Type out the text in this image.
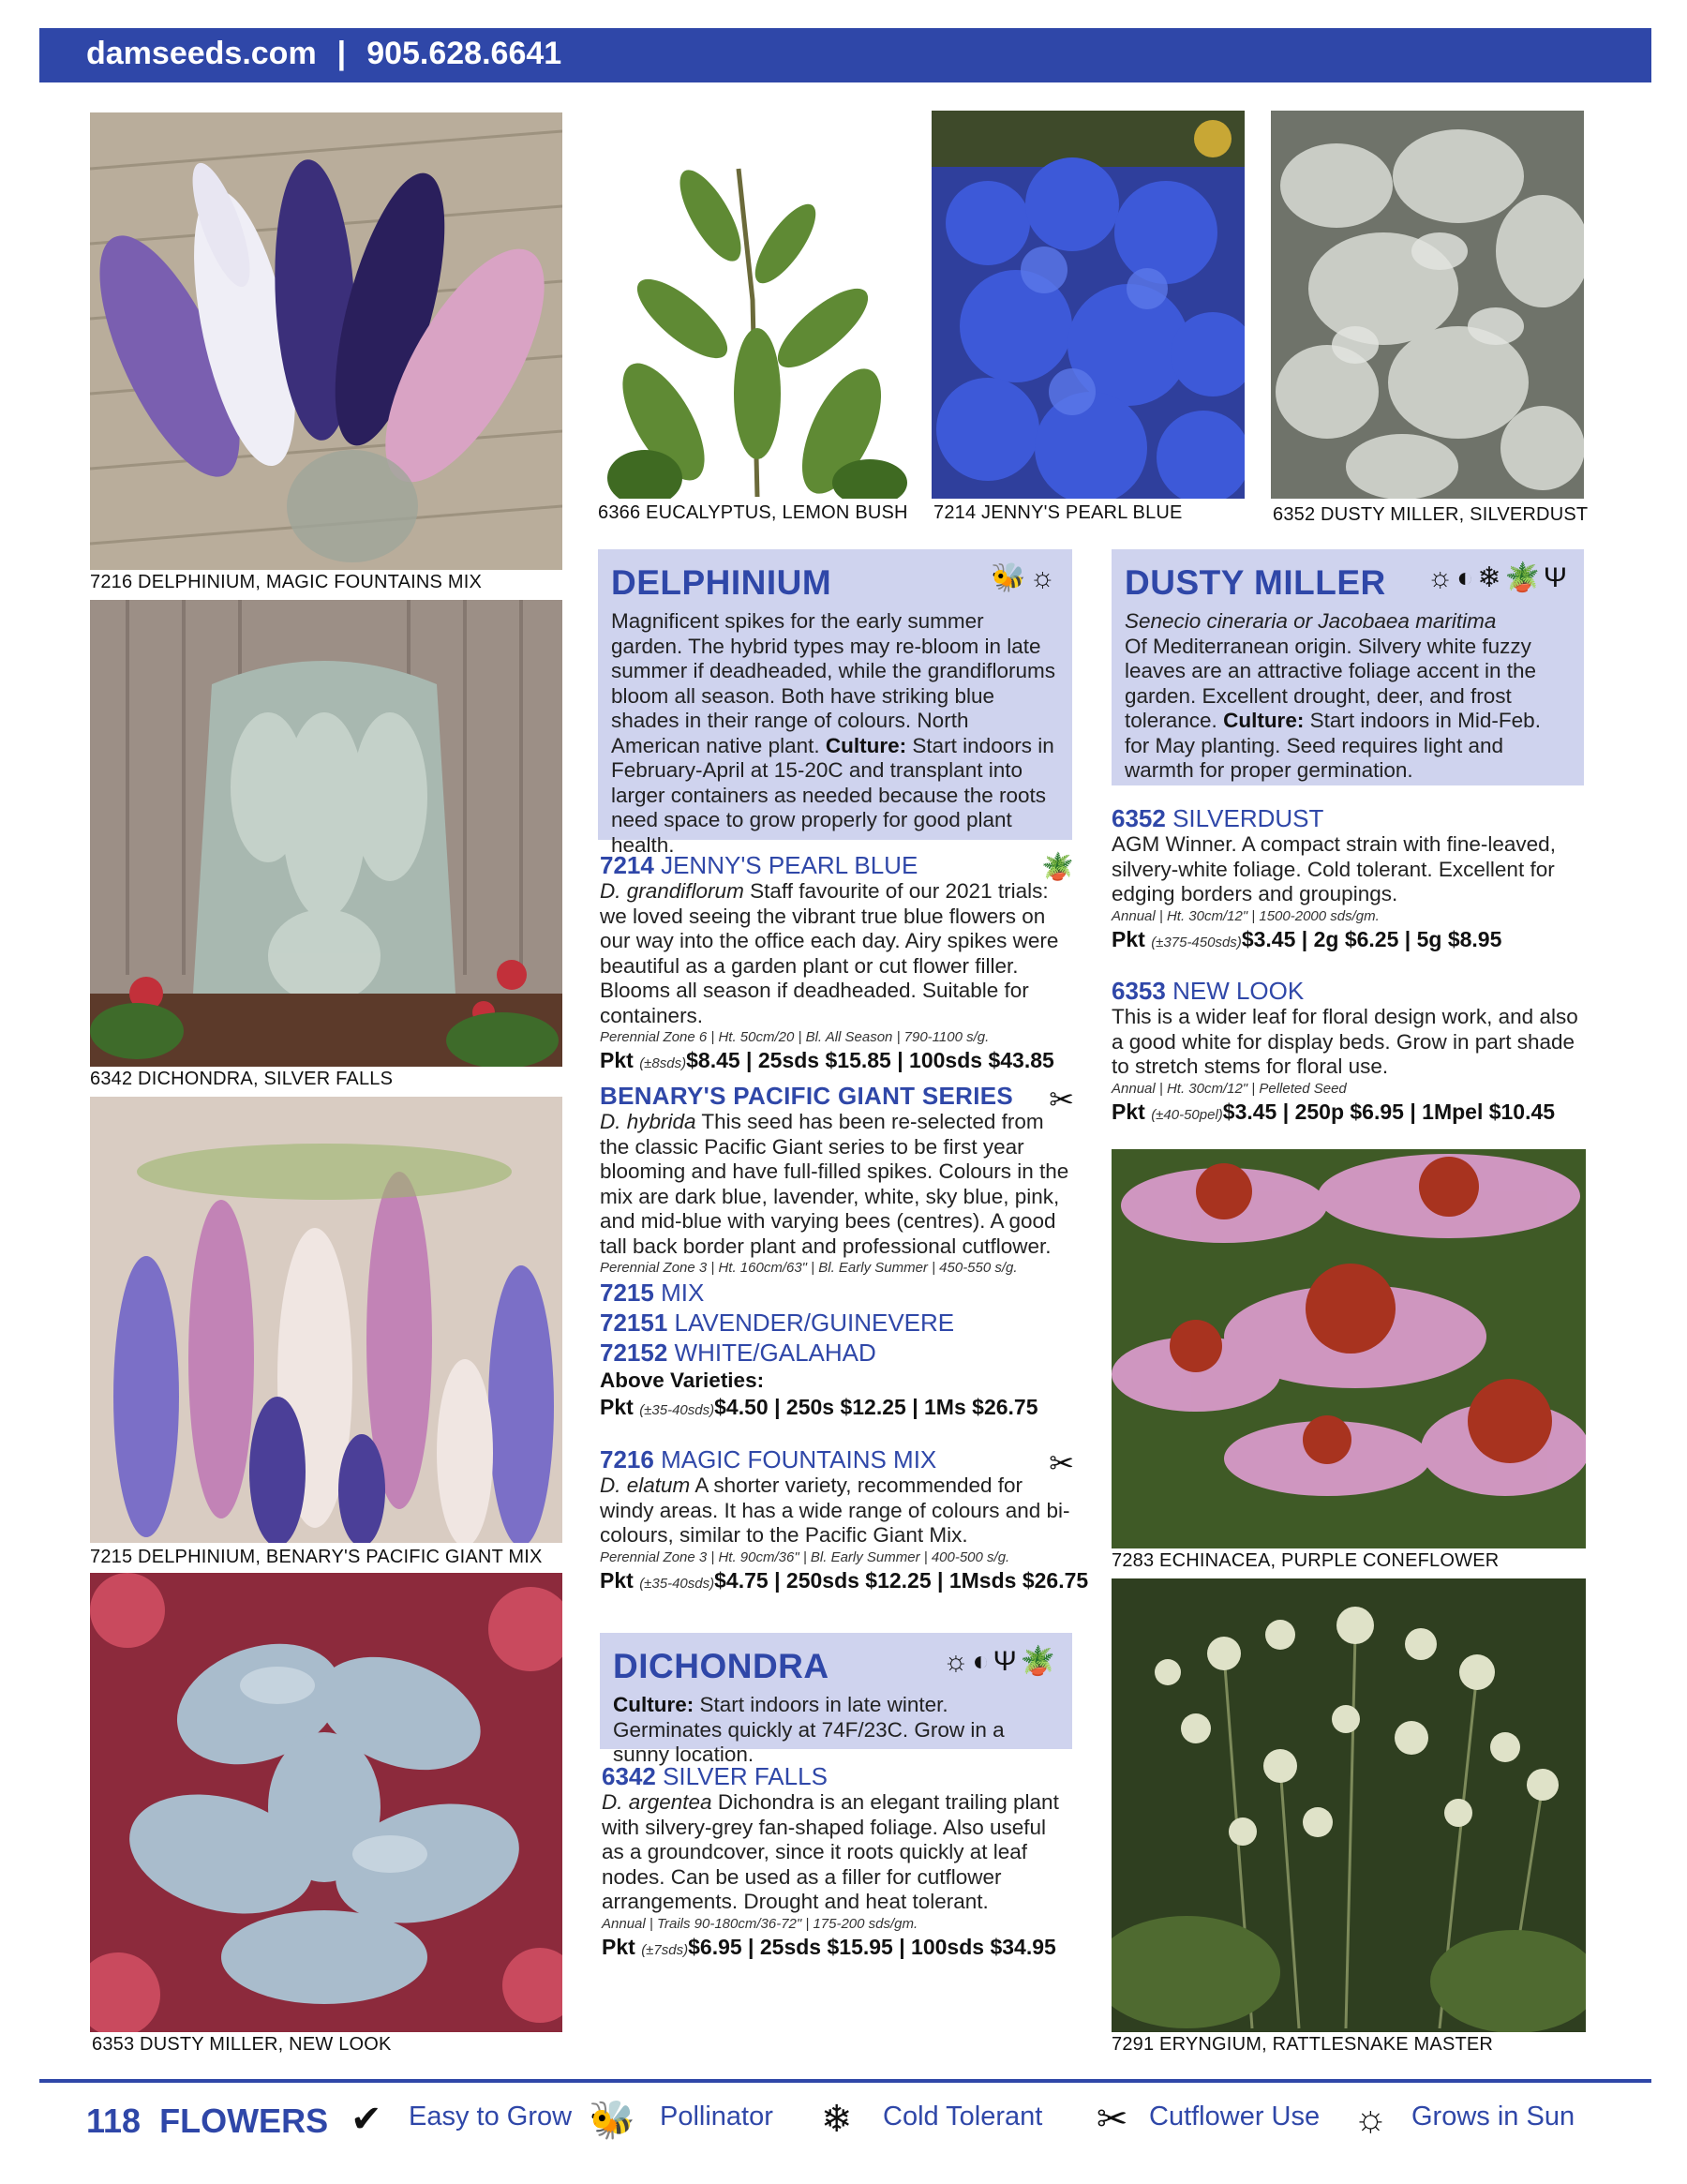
damseeds.com | 905.628.6641
7216 DELPHINIUM, MAGIC FOUNTAINS MIX
6366 EUCALYPTUS, LEMON BUSH 7214 JENNY'S PEARL BLUE	6352 DUSTY MILLER, SILVERDUST
6342 DICHONDRA, SILVER FALLS
7215 DELPHINIUM, BENARY'S PACIFIC GIANT MIX
6353 DUSTY MILLER, NEW LOOK
7283 ECHINACEA, PURPLE CONEFLOWER
7291 ERYNGIUM, RATTLESNAKE MASTER
DELPHINIUM	🐝☼
Magnificent spikes for the early summer garden. The hybrid types may re-bloom in late summer if deadheaded, while the grandiflorums bloom all season. Both have striking blue shades in their range of colours. North American native plant. Culture: Start indoors in February-April at 15-20C and transplant into larger containers as needed because the roots need space to grow properly for good plant health.
7214 JENNY'S PEARL BLUE	🪴
D. grandiflorum Staff favourite of our 2021 trials: we loved seeing the vibrant true blue flowers on our way into the office each day. Airy spikes were beautiful as a garden plant or cut flower filler. Blooms all season if deadheaded. Suitable for containers.
Perennial Zone 6 | Ht. 50cm/20 | Bl. All Season | 790-1100 s/g.
Pkt (±8sds)$8.45 | 25sds $15.85 | 100sds $43.85
BENARY'S PACIFIC GIANT SERIES	✂
D. hybrida This seed has been re-selected from the classic Pacific Giant series to be first year blooming and have full-filled spikes. Colours in the mix are dark blue, lavender, white, sky blue, pink, and mid-blue with varying bees (centres). A good tall back border plant and professional cutflower.
Perennial Zone 3 | Ht. 160cm/63" | Bl. Early Summer | 450-550 s/g.
7215 MIX
72151 LAVENDER/GUINEVERE
72152 WHITE/GALAHAD
Above Varieties:
Pkt (±35-40sds)$4.50 | 250s $12.25 | 1Ms $26.75
7216 MAGIC FOUNTAINS MIX	✂
D. elatum A shorter variety, recommended for windy areas. It has a wide range of colours and bi-colours, similar to the Pacific Giant Mix.
Perennial Zone 3 | Ht. 90cm/36" | Bl. Early Summer | 400-500 s/g.
Pkt (±35-40sds)$4.75 | 250sds $12.25 | 1Msds $26.75
DICHONDRA	☼◐Ψ🪴
Culture: Start indoors in late winter. Germinates quickly at 74F/23C. Grow in a sunny location.
6342 SILVER FALLS
D. argentea Dichondra is an elegant trailing plant with silvery-grey fan-shaped foliage. Also useful as a groundcover, since it roots quickly at leaf nodes. Can be used as a filler for cutflower arrangements. Drought and heat tolerant.
Annual | Trails 90-180cm/36-72" | 175-200 sds/gm.
Pkt (±7sds)$6.95 | 25sds $15.95 | 100sds $34.95
DUSTY MILLER	☼◐❄🪴Ψ
Senecio cineraria or Jacobaea maritima
Of Mediterranean origin. Silvery white fuzzy leaves are an attractive foliage accent in the garden. Excellent drought, deer, and frost tolerance. Culture: Start indoors in Mid-Feb. for May planting. Seed requires light and warmth for proper germination.
6352 SILVERDUST
AGM Winner. A compact strain with fine-leaved, silvery-white foliage. Cold tolerant. Excellent for edging borders and groupings.
Annual | Ht. 30cm/12" | 1500-2000 sds/gm.
Pkt (±375-450sds)$3.45 | 2g $6.25 | 5g $8.95
6353 NEW LOOK
This is a wider leaf for floral design work, and also a good white for display beds. Grow in part shade to stretch stems for floral use.
Annual | Ht. 30cm/12" | Pelleted Seed
Pkt (±40-50pel)$3.45 | 250p $6.95 | 1Mpel $10.45
118 FLOWERS ✔ Easy to Grow 🐝 Pollinator ❄ Cold Tolerant ✂ Cutflower Use ☼ Grows in Sun
